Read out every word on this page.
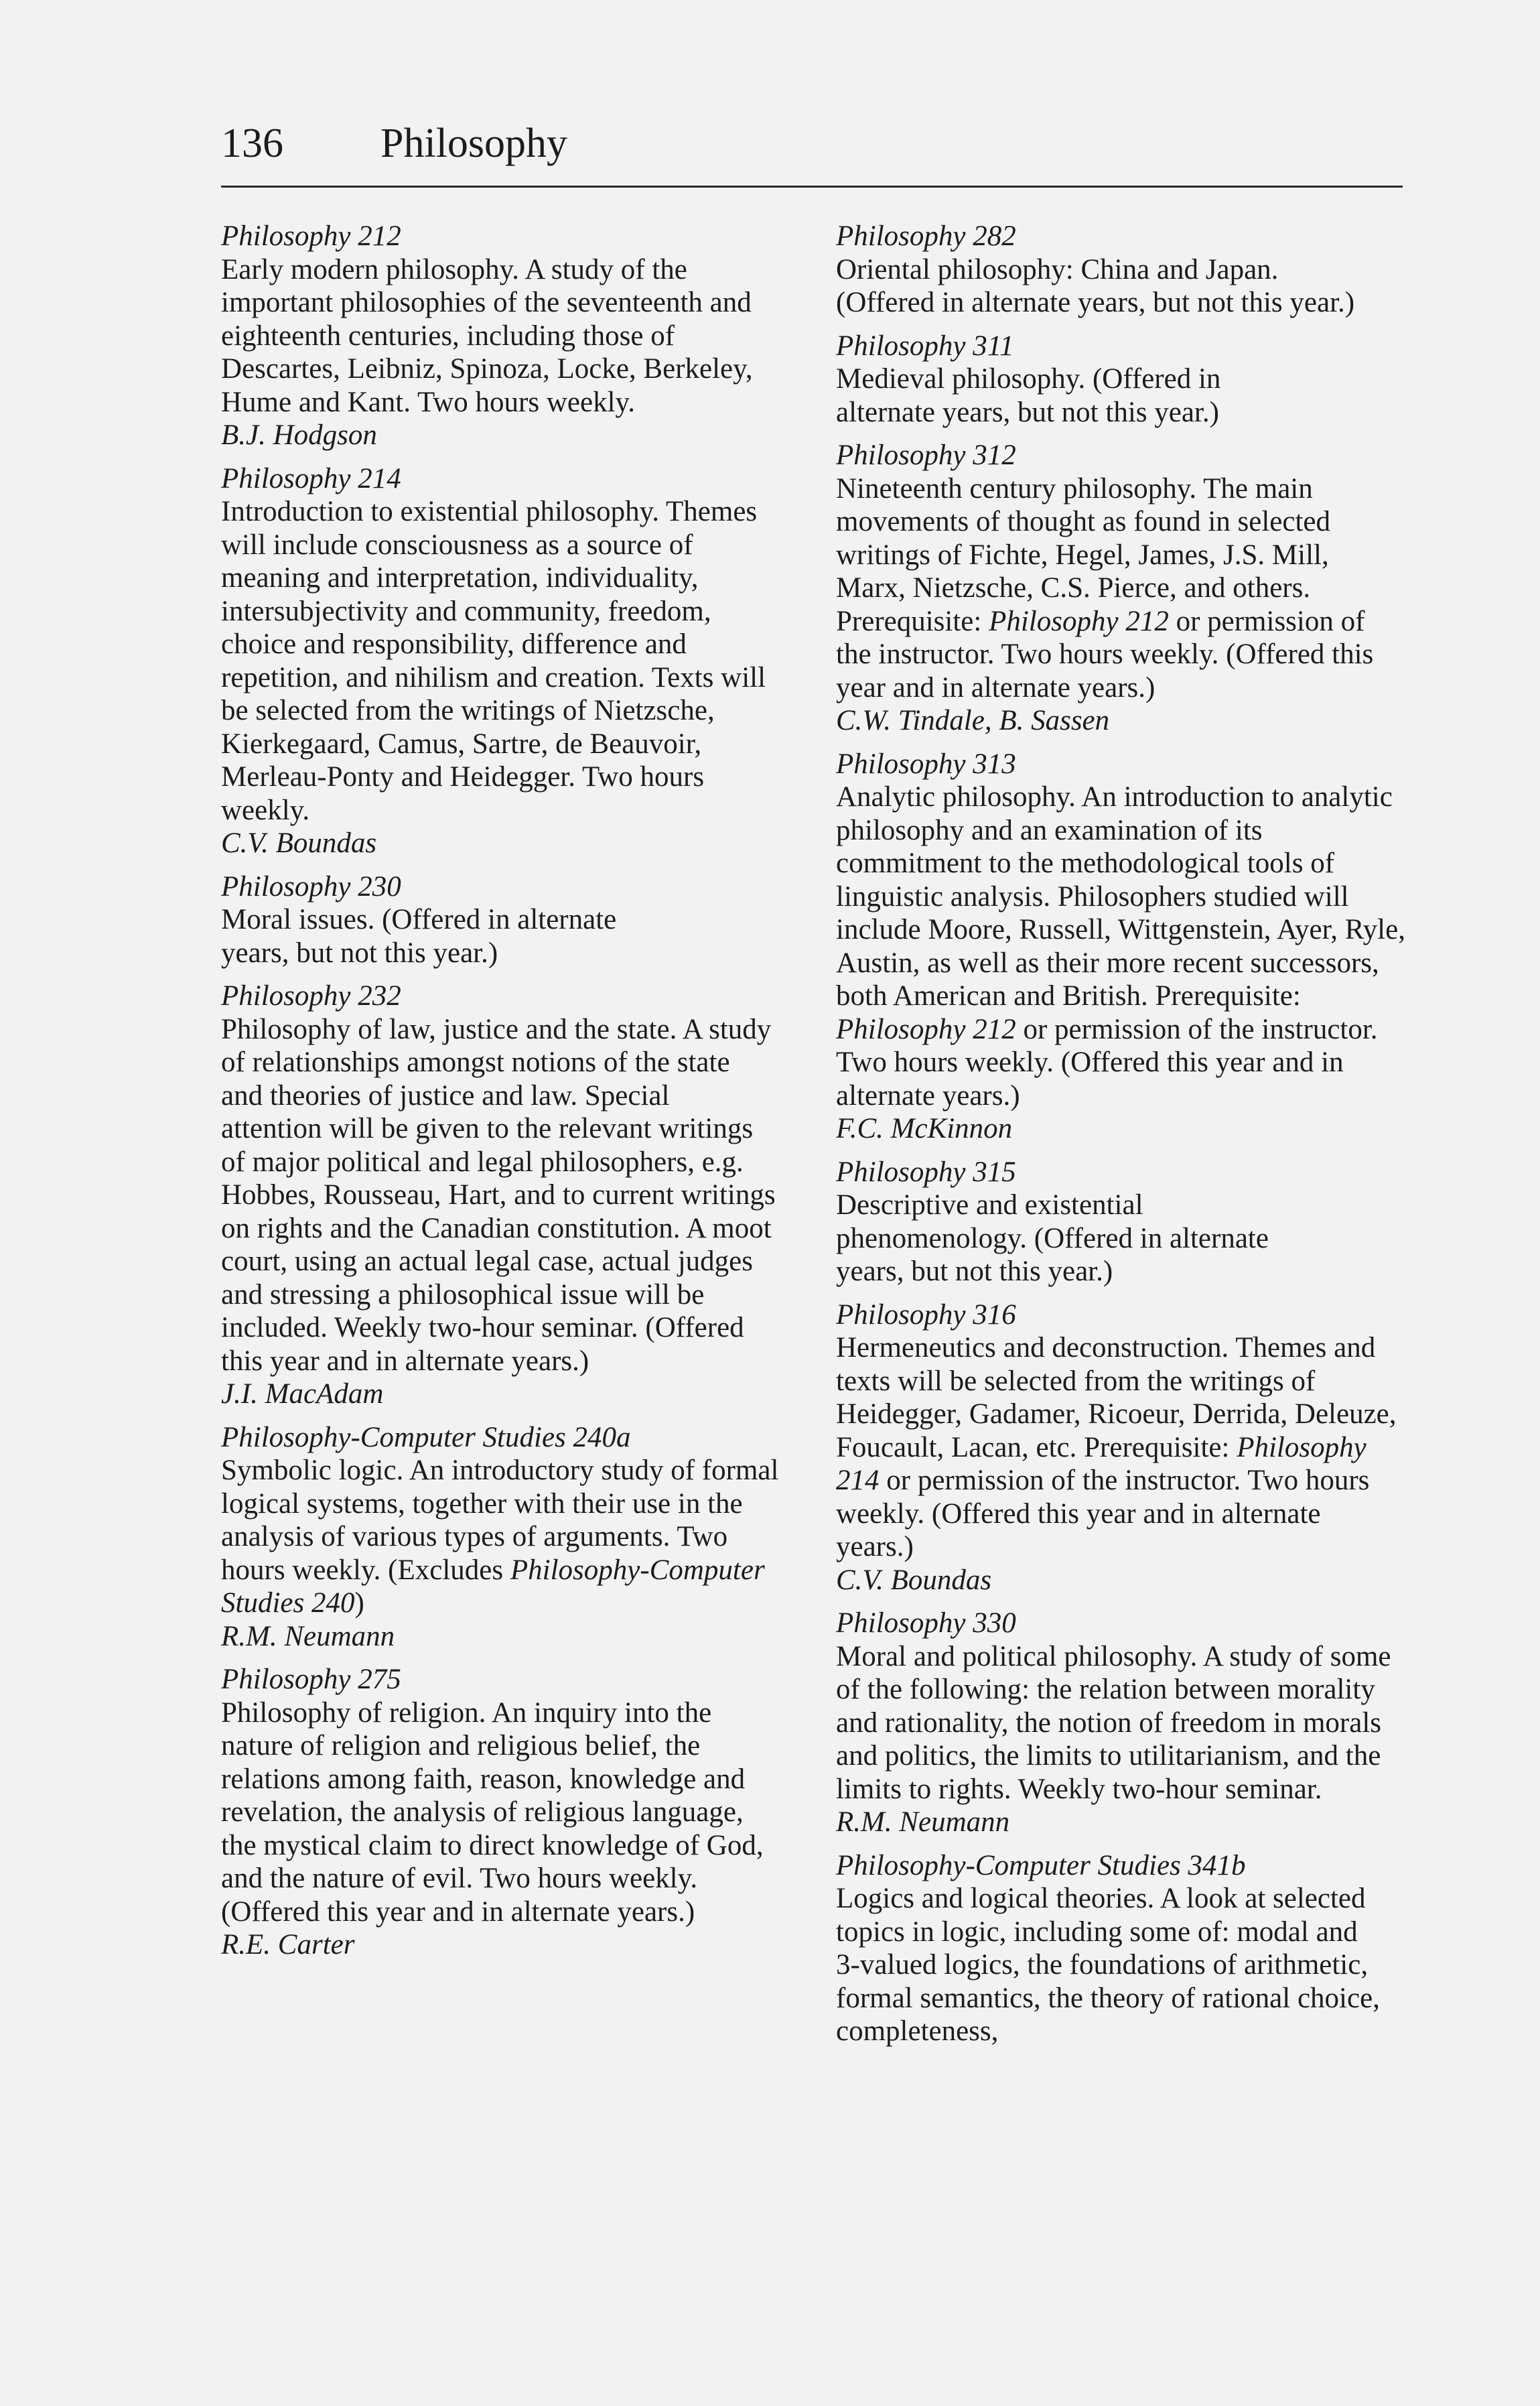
136 Philosophy

Philosophy 212

Early modern philosophy. A study of the important philosophies of the seventeenth and eighteenth centuries, including those of Descartes, Leibniz, Spinoza, Locke, Berkeley, Hume and Kant. Two hours weekly.

B.J. Hodgson

Philosophy 214

Introduction to existential philosophy. Themes will include consciousness as a source of meaning and interpretation, individuality, intersubjectivity and community, freedom, choice and responsibility, difference and repetition, and nihilism and creation. Texts will be selected from the writings of Nietzsche, Kierkegaard, Camus, Sartre, de Beauvoir, Merleau-Ponty and Heidegger. Two hours weekly.

C.V. Boundas

Philosophy 230

Moral issues. (Offered in alternate years, but not this year.)

Philosophy 232

Philosophy of law, justice and the state. A study of relationships amongst notions of the state and theories of justice and law. Special attention will be given to the relevant writings of major political and legal philosophers, e.g. Hobbes, Rousseau, Hart, and to current writings on rights and the Canadian constitution. A moot court, using an actual legal case, actual judges and stressing a philosophical issue will be included. Weekly two-hour seminar. (Offered this year and in alternate years.)

J.I. MacAdam

Philosophy-Computer Studies 240a

Symbolic logic. An introductory study of formal logical systems, together with their use in the analysis of various types of arguments. Two hours weekly. (Excludes Philosophy-Computer Studies 240)

R.M. Neumann

Philosophy 275

Philosophy of religion. An inquiry into the nature of religion and religious belief, the relations among faith, reason, knowledge and revelation, the analysis of religious language, the mystical claim to direct knowledge of God, and the nature of evil. Two hours weekly. (Offered this year and in alternate years.)

R.E. Carter

Philosophy 282

Oriental philosophy: China and Japan. (Offered in alternate years, but not this year.)

Philosophy 311

Medieval philosophy. (Offered in alternate years, but not this year.)

Philosophy 312

Nineteenth century philosophy. The main movements of thought as found in selected writings of Fichte, Hegel, James, J.S. Mill, Marx, Nietzsche, C.S. Pierce, and others. Prerequisite: Philosophy 212 or permission of the instructor. Two hours weekly. (Offered this year and in alternate years.)

C.W. Tindale, B. Sassen

Philosophy 313

Analytic philosophy. An introduction to analytic philosophy and an examination of its commitment to the methodological tools of linguistic analysis. Philosophers studied will include Moore, Russell, Wittgenstein, Ayer, Ryle, Austin, as well as their more recent successors, both American and British. Prerequisite: Philosophy 212 or permission of the instructor. Two hours weekly. (Offered this year and in alternate years.)

F.C. McKinnon

Philosophy 315

Descriptive and existential phenomenology. (Offered in alternate years, but not this year.)

Philosophy 316

Hermeneutics and deconstruction. Themes and texts will be selected from the writings of Heidegger, Gadamer, Ricoeur, Derrida, Deleuze, Foucault, Lacan, etc. Prerequisite: Philosophy 214 or permission of the instructor. Two hours weekly. (Offered this year and in alternate years.)

C.V. Boundas

Philosophy 330

Moral and political philosophy. A study of some of the following: the relation between morality and rationality, the notion of freedom in morals and politics, the limits to utilitarianism, and the limits to rights. Weekly two-hour seminar.

R.M. Neumann

Philosophy-Computer Studies 341b

Logics and logical theories. A look at selected topics in logic, including some of: modal and 3-valued logics, the foundations of arithmetic, formal semantics, the theory of rational choice, completeness,
